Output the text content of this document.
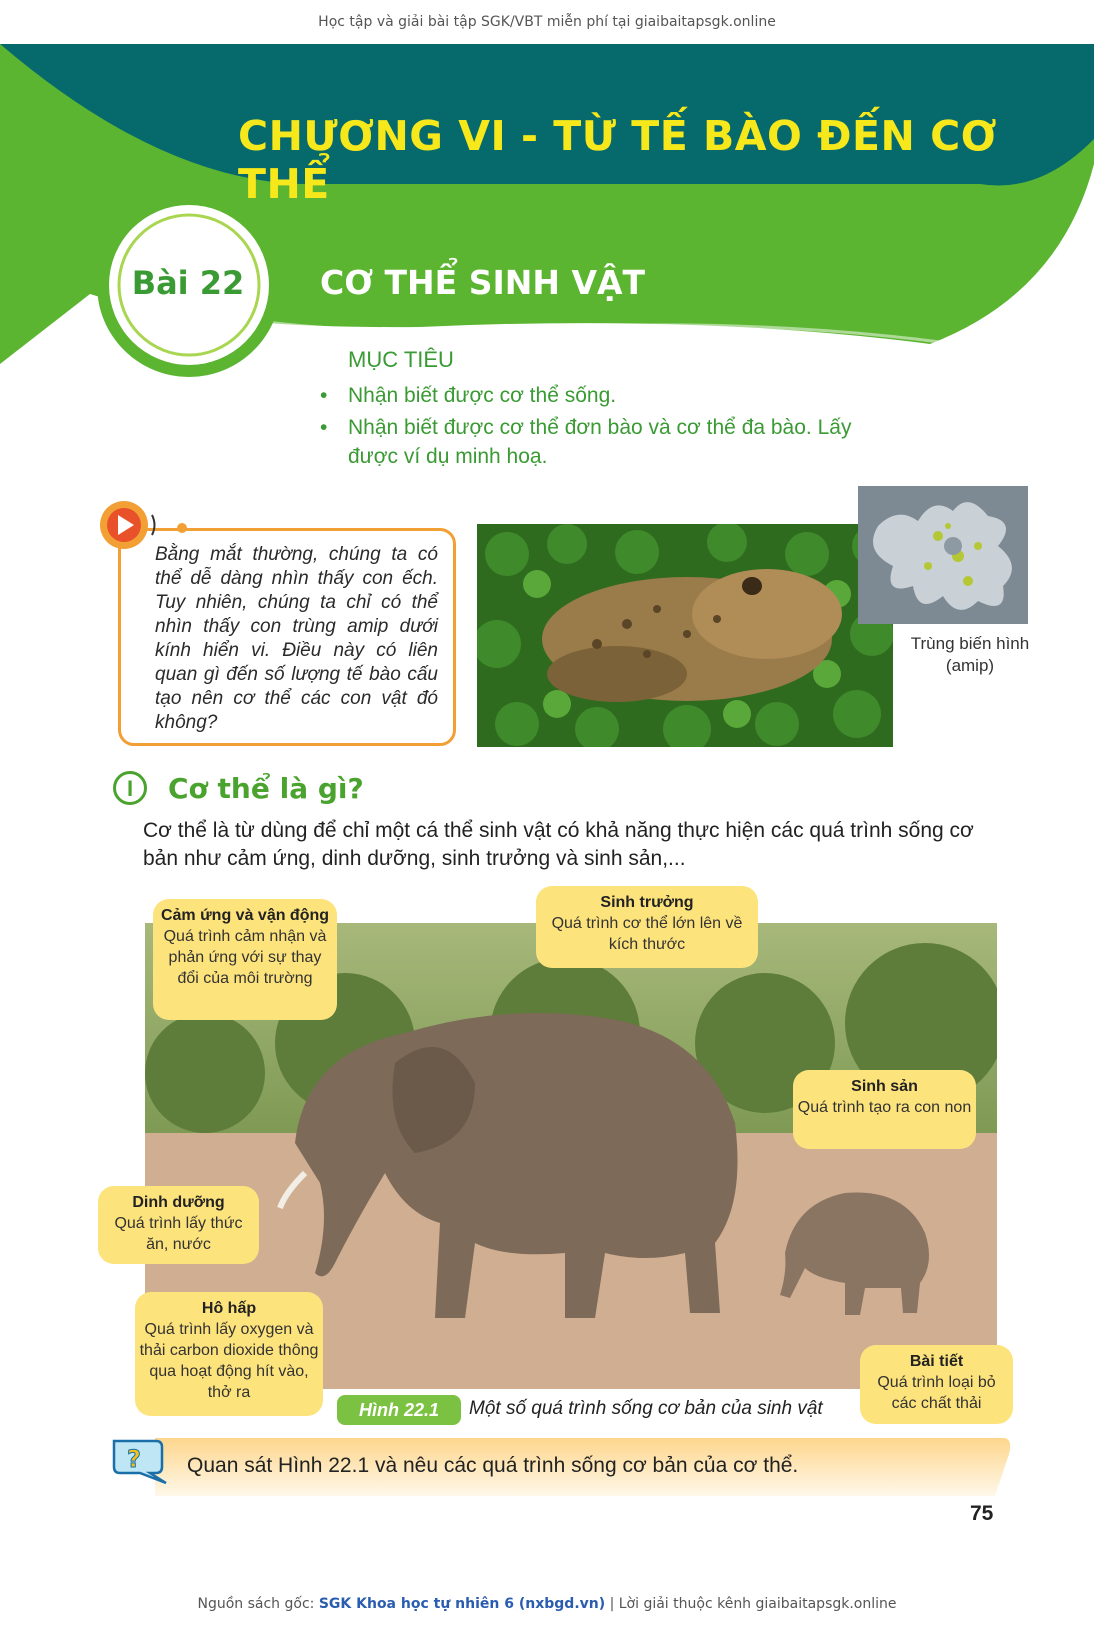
Học tập và giải bài tập SGK/VBT miễn phí tại giaibaitapsgk.online
CHƯƠNG VI - TỪ TẾ BÀO ĐẾN CƠ THỂ
Bài 22 CƠ THỂ SINH VẬT
MỤC TIÊU
• Nhận biết được cơ thể sống.
• Nhận biết được cơ thể đơn bào và cơ thể đa bào. Lấy được ví dụ minh hoạ.
Bằng mắt thường, chúng ta có thể dễ dàng nhìn thấy con ếch. Tuy nhiên, chúng ta chỉ có thể nhìn thấy con trùng amip dưới kính hiển vi. Điều này có liên quan gì đến số lượng tế bào cấu tạo nên cơ thể các con vật đó không?
Trùng biến hình (amip)
I	Cơ thể là gì?
Cơ thể là từ dùng để chỉ một cá thể sinh vật có khả năng thực hiện các quá trình sống cơ bản như cảm ứng, dinh dưỡng, sinh trưởng và sinh sản,...
Cảm ứng và vận động
Quá trình cảm nhận và phản ứng với sự thay đổi của môi trường
Sinh trưởng
Quá trình cơ thể lớn lên về kích thước
Sinh sản
Quá trình tạo ra con non
Dinh dưỡng
Quá trình lấy thức ăn, nước
Hô hấp
Quá trình lấy oxygen và thải carbon dioxide thông qua hoạt động hít vào, thở ra
Bài tiết
Quá trình loại bỏ các chất thải
Hình 22.1	Một số quá trình sống cơ bản của sinh vật
? Quan sát Hình 22.1 và nêu các quá trình sống cơ bản của cơ thể.
75
Nguồn sách gốc: SGK Khoa học tự nhiên 6 (nxbgd.vn) | Lời giải thuộc kênh giaibaitapsgk.online
